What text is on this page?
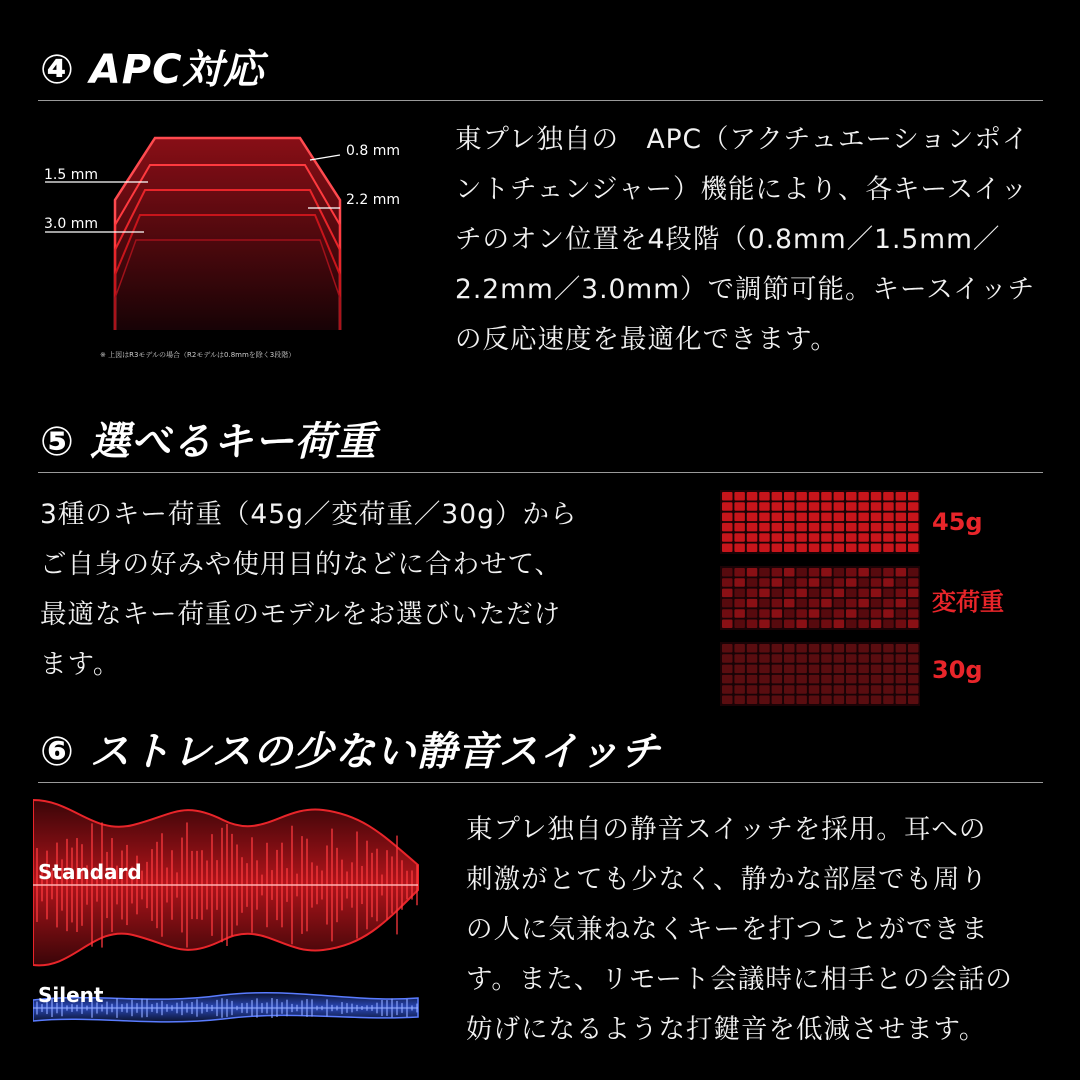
④ APC対応
0.8 mm
1.5 mm
2.2 mm
3.0 mm
※ 上図はR3モデルの場合（R2モデルは0.8mmを除く3段階）
東プレ独自の　APC（アクチュエーションポイ
ントチェンジャー）機能により、各キースイッ
チのオン位置を4段階（0.8mm／1.5mm／
2.2mm／3.0mm）で調節可能。キースイッチ
の反応速度を最適化できます。
⑤ 選べるキー荷重
3種のキー荷重（45g／変荷重／30g）から
ご自身の好みや使用目的などに合わせて、
最適なキー荷重のモデルをお選びいただけ
ます。
45g
変荷重
30g
⑥ ストレスの少ない静音スイッチ
Standard
Silent
東プレ独自の静音スイッチを採用。耳への
刺激がとても少なく、静かな部屋でも周り
の人に気兼ねなくキーを打つことができま
す。また、リモート会議時に相手との会話の
妨げになるような打鍵音を低減させます。
